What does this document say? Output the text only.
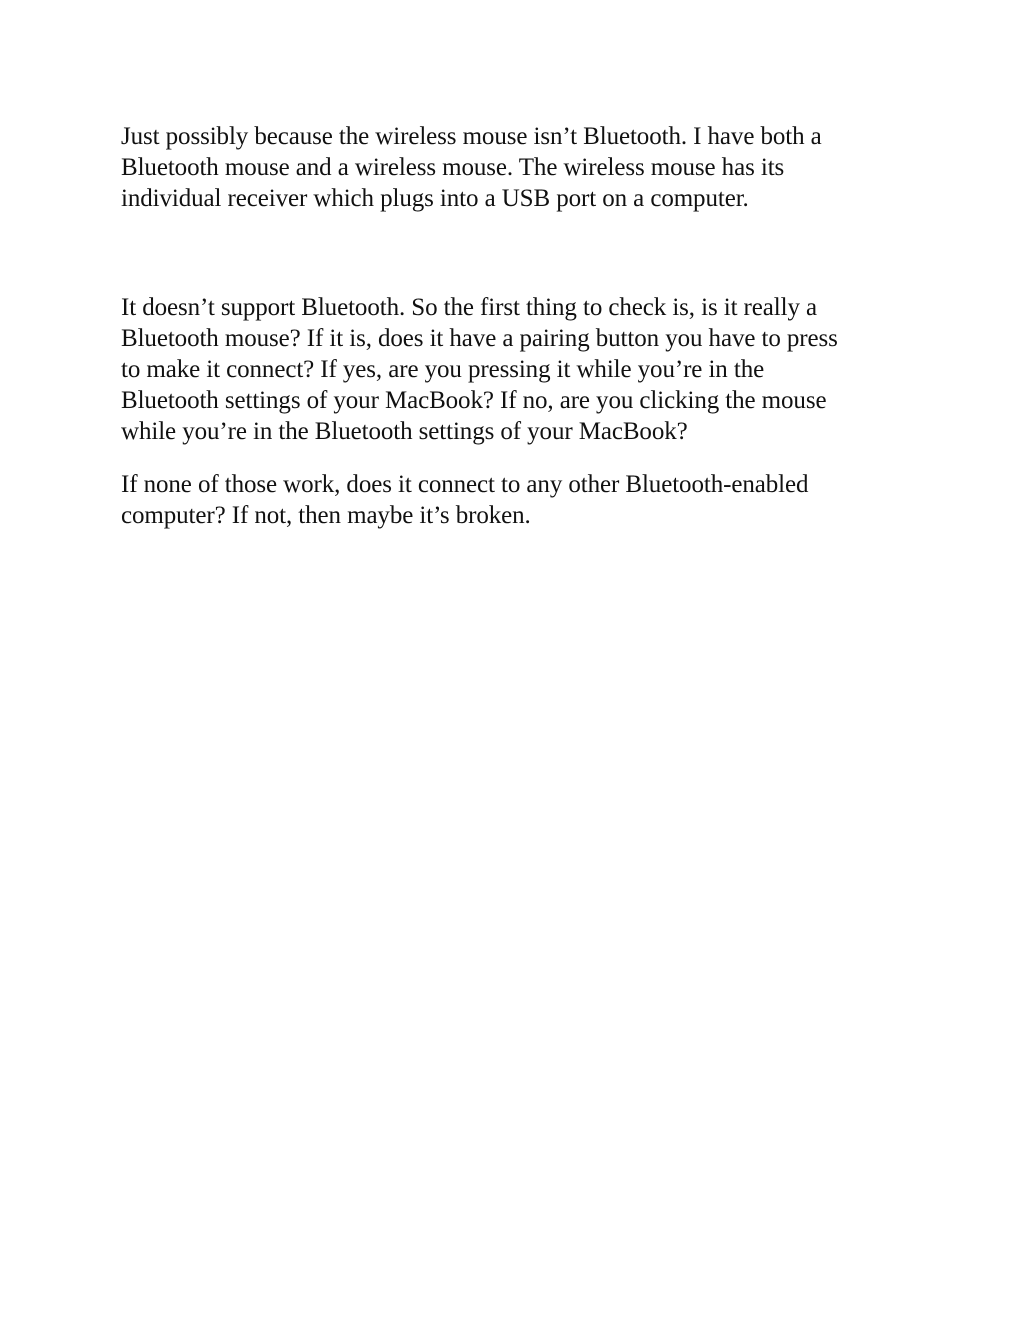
Just possibly because the wireless mouse isn’t Bluetooth. I have both a
Bluetooth mouse and a wireless mouse. The wireless mouse has its
individual receiver which plugs into a USB port on a computer.

It doesn’t support Bluetooth. So the first thing to check is, is it really a
Bluetooth mouse? If it is, does it have a pairing button you have to press
to make it connect? If yes, are you pressing it while you’re in the
Bluetooth settings of your MacBook? If no, are you clicking the mouse
while you’re in the Bluetooth settings of your MacBook?

If none of those work, does it connect to any other Bluetooth-enabled
computer? If not, then maybe it’s broken.
